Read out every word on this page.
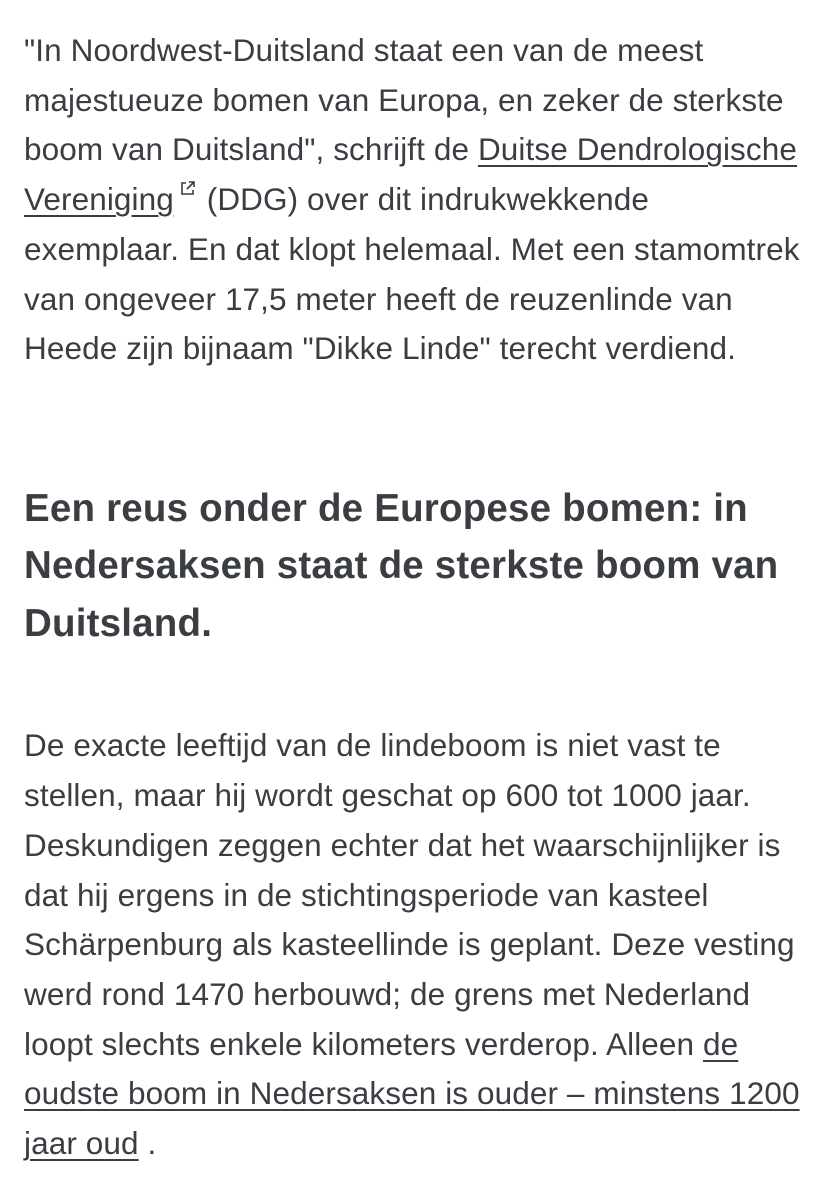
"In Noordwest-Duitsland staat een van de meest majestueuze bomen van Europa, en zeker de sterkste boom van Duitsland", schrijft de Duitse Dendrologische Vereniging (DDG) over dit indrukwekkende exemplaar. En dat klopt helemaal. Met een stamomtrek van ongeveer 17,5 meter heeft de reuzenlinde van Heede zijn bijnaam "Dikke Linde" terecht verdiend.

Een reus onder de Europese bomen: in Nedersaksen staat de sterkste boom van Duitsland.

De exacte leeftijd van de lindeboom is niet vast te stellen, maar hij wordt geschat op 600 tot 1000 jaar. Deskundigen zeggen echter dat het waarschijnlijker is dat hij ergens in de stichtingsperiode van kasteel Schärpenburg als kasteellinde is geplant. Deze vesting werd rond 1470 herbouwd; de grens met Nederland loopt slechts enkele kilometers verderop. Alleen de oudste boom in Nedersaksen is ouder – minstens 1200 jaar oud .
